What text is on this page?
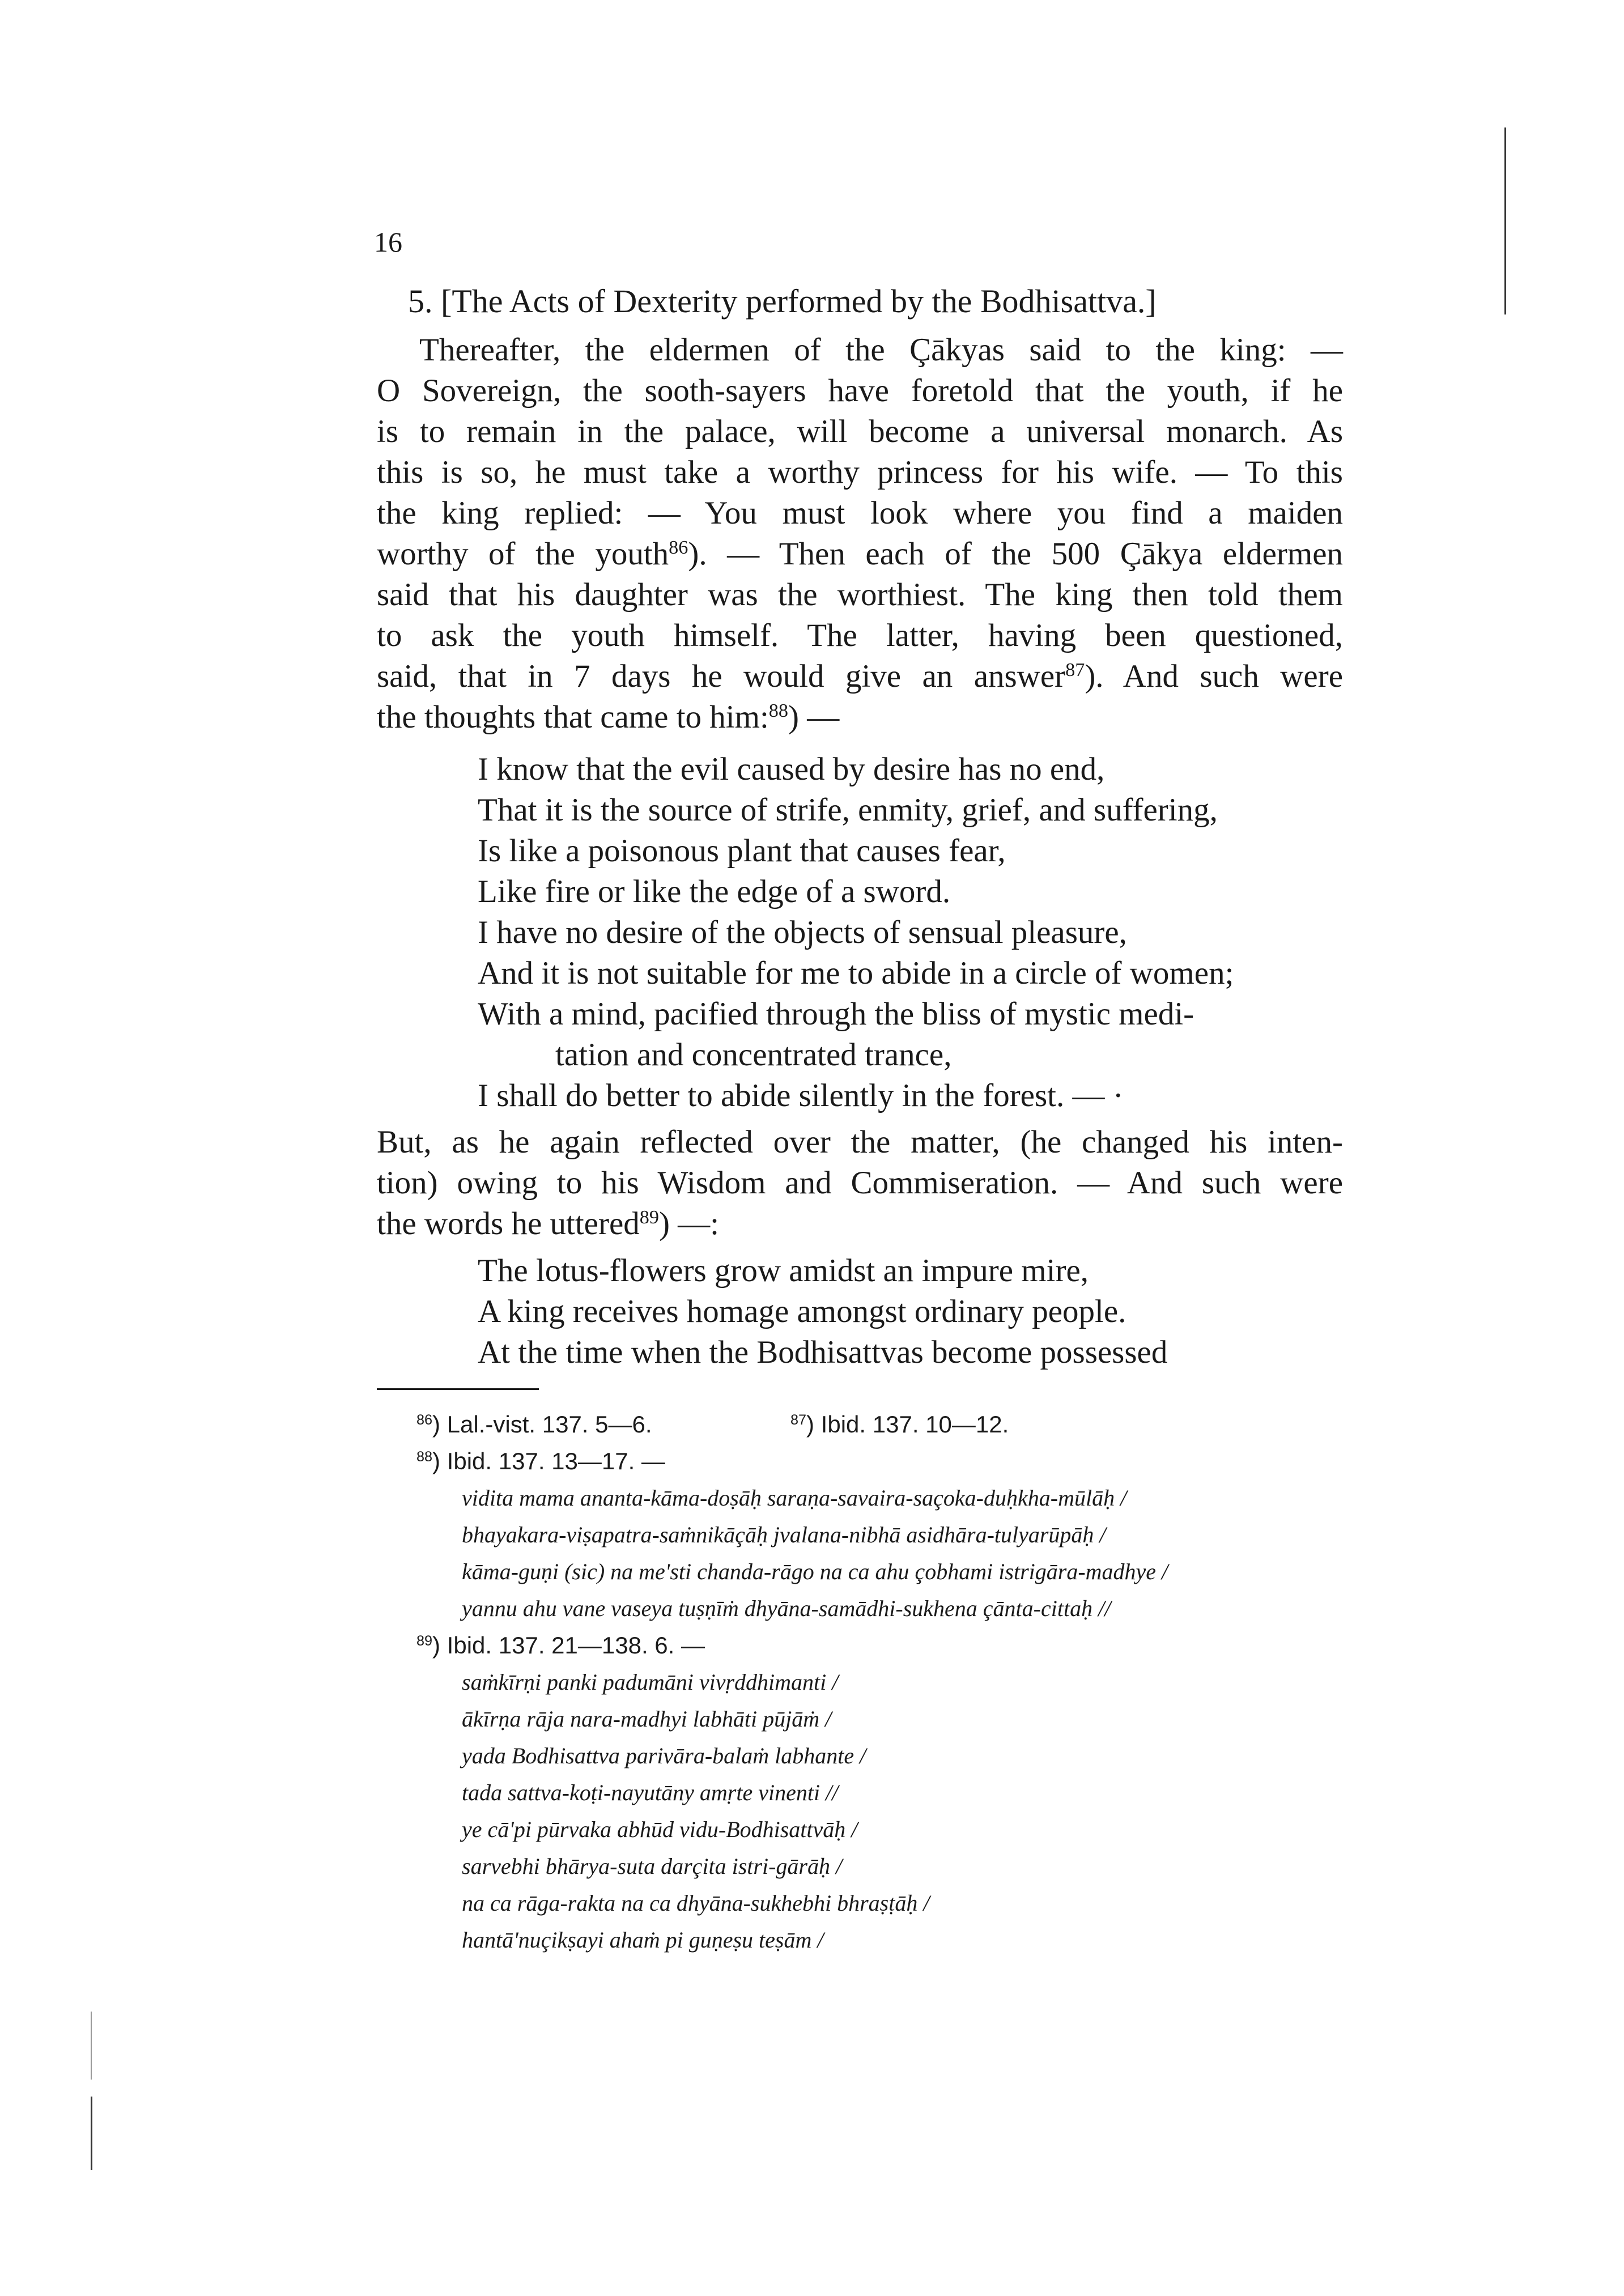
16
5. [The Acts of Dexterity performed by the Bodhisattva.]
Thereafter, the eldermen of the Çākyas said to the king: —
O Sovereign, the sooth-sayers have foretold that the youth, if he
is to remain in the palace, will become a universal monarch. As
this is so, he must take a worthy princess for his wife. — To this
the king replied: — You must look where you find a maiden
worthy of the youth$^{86}$). — Then each of the 500 Çākya eldermen
said that his daughter was the worthiest. The king then told them
to ask the youth himself. The latter, having been questioned,
said, that in 7 days he would give an answer$^{87}$). And such were
the thoughts that came to him:$^{88}$) —
I know that the evil caused by desire has no end,
That it is the source of strife, enmity, grief, and suffering,
Is like a poisonous plant that causes fear,
Like fire or like the edge of a sword.
I have no desire of the objects of sensual pleasure,
And it is not suitable for me to abide in a circle of women;
With a mind, pacified through the bliss of mystic medi-
tation and concentrated trance,
I shall do better to abide silently in the forest. — ·
But, as he again reflected over the matter, (he changed his inten-
tion) owing to his Wisdom and Commiseration. — And such were
the words he uttered$^{89}$) —:
The lotus-flowers grow amidst an impure mire,
A king receives homage amongst ordinary people.
At the time when the Bodhisattvas become possessed
$^{86}$) Lal.-vist. 137. 5—6.	$^{87}$) Ibid. 137. 10—12.
$^{88}$) Ibid. 137. 13—17. —
vidita mama ananta-kāma-doṣāḥ saraṇa-savaira-saçoka-duḥkha-mūlāḥ /
bhayakara-viṣapatra-saṁnikāçāḥ jvalana-nibhā asidhāra-tulyarūpāḥ /
kāma-guṇi (sic) na me'sti chanda-rāgo na ca ahu çobhami istrigāra-madhye /
yannu ahu vane vaseya tuṣṇīṁ dhyāna-samādhi-sukhena çānta-cittaḥ //
$^{89}$) Ibid. 137. 21—138. 6. —
saṁkīrṇi panki padumāni vivṛddhimanti /
ākīrṇa rāja nara-madhyi labhāti pūjāṁ /
yada Bodhisattva parivāra-balaṁ labhante /
tada sattva-koṭi-nayutāny amṛte vinenti //
ye cā'pi pūrvaka abhūd vidu-Bodhisattvāḥ /
sarvebhi bhārya-suta darçita istri-gārāḥ /
na ca rāga-rakta na ca dhyāna-sukhebhi bhraṣṭāḥ /
hantā'nuçikṣayi ahaṁ pi guṇeṣu teṣām /
